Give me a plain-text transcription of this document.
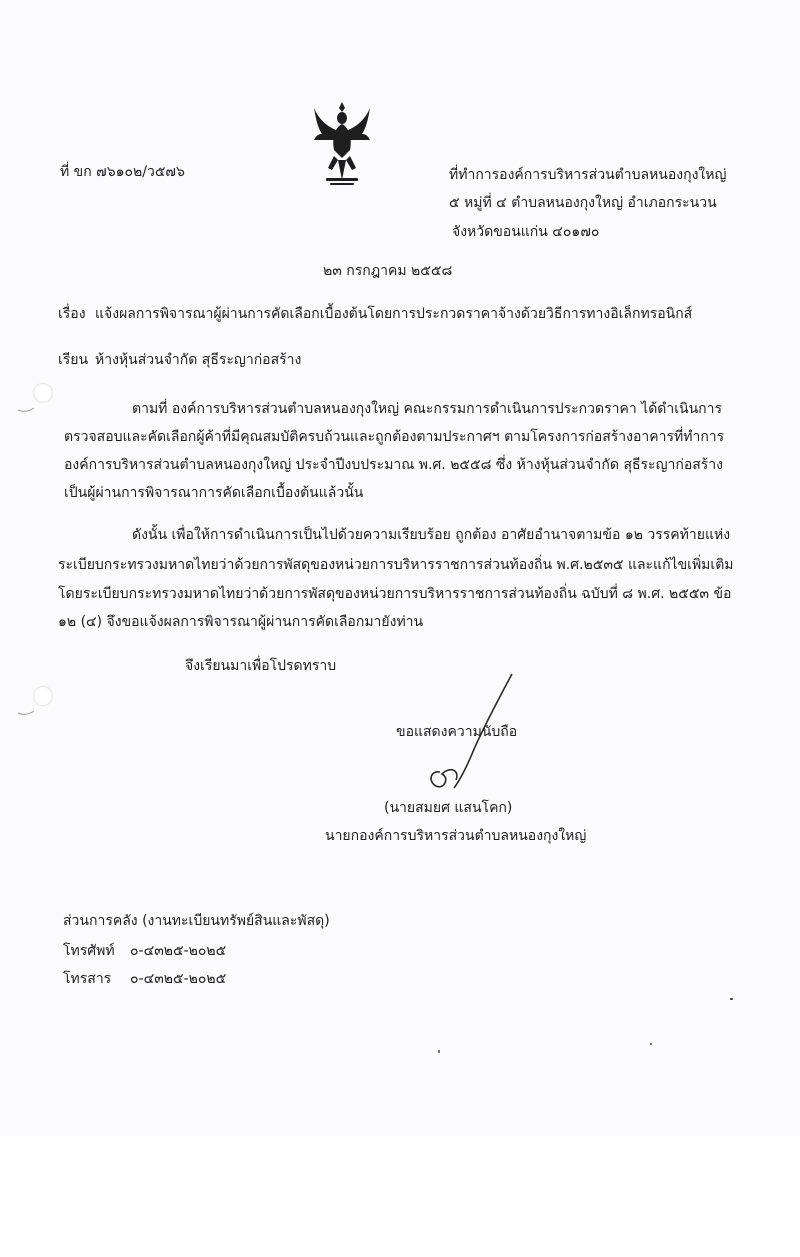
ที่ ขก ๗๖๑๐๒/ว๕๗๖	ที่ทำการองค์การบริหารส่วนตำบลหนองกุงใหญ่
๕ หมู่ที่ ๔ ตำบลหนองกุงใหญ่ อำเภอกระนวน
จังหวัดขอนแก่น ๔๐๑๗๐
๒๓ กรกฎาคม ๒๕๕๘
เรื่อง แจ้งผลการพิจารณาผู้ผ่านการคัดเลือกเบื้องต้นโดยการประกวดราคาจ้างด้วยวิธีการทางอิเล็กทรอนิกส์
เรียน ห้างหุ้นส่วนจำกัด สุธีระญาก่อสร้าง
ตามที่ องค์การบริหารส่วนตำบลหนองกุงใหญ่ คณะกรรมการดำเนินการประกวดราคา ได้ดำเนินการ
ตรวจสอบและคัดเลือกผู้ค้าที่มีคุณสมบัติครบถ้วนและถูกต้องตามประกาศฯ ตามโครงการก่อสร้างอาคารที่ทำการ
องค์การบริหารส่วนตำบลหนองกุงใหญ่ ประจำปีงบประมาณ พ.ศ. ๒๕๕๘ ซึ่ง ห้างหุ้นส่วนจำกัด สุธีระญาก่อสร้าง
เป็นผู้ผ่านการพิจารณาการคัดเลือกเบื้องต้นแล้วนั้น
ดังนั้น เพื่อให้การดำเนินการเป็นไปด้วยความเรียบร้อย ถูกต้อง อาศัยอำนาจตามข้อ ๑๒ วรรคท้ายแห่ง
ระเบียบกระทรวงมหาดไทยว่าด้วยการพัสดุของหน่วยการบริหารราชการส่วนท้องถิ่น พ.ศ.๒๕๓๕ และแก้ไขเพิ่มเติม
โดยระเบียบกระทรวงมหาดไทยว่าด้วยการพัสดุของหน่วยการบริหารราชการส่วนท้องถิ่น ฉบับที่ ๘ พ.ศ. ๒๕๕๓ ข้อ
๑๒ (๔) จึงขอแจ้งผลการพิจารณาผู้ผ่านการคัดเลือกมายังท่าน
จึงเรียนมาเพื่อโปรดทราบ
ขอแสดงความนับถือ
(นายสมยศ แสนโคก)
นายกองค์การบริหารส่วนตำบลหนองกุงใหญ่
ส่วนการคลัง (งานทะเบียนทรัพย์สินและพัสดุ)
โทรศัพท์ ๐-๔๓๒๕-๒๐๒๕
โทรสาร ๐-๔๓๒๕-๒๐๒๕
